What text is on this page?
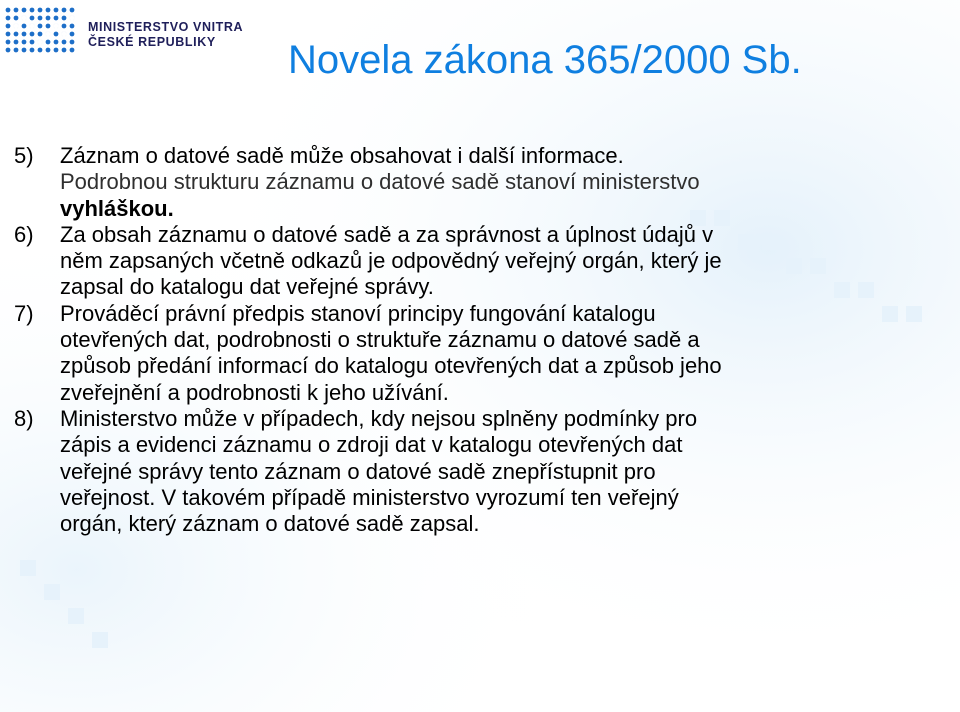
MINISTERSTVO VNITRA
ČESKÉ REPUBLIKY Novela zákona 365/2000 Sb.
5) Záznam o datové sadě může obsahovat i další informace.
Podrobnou strukturu záznamu o datové sadě stanoví ministerstvo
vyhláškou.
6) Za obsah záznamu o datové sadě a za správnost a úplnost údajů v
něm zapsaných včetně odkazů je odpovědný veřejný orgán, který je
zapsal do katalogu dat veřejné správy.
7) Prováděcí právní předpis stanoví principy fungování katalogu
otevřených dat, podrobnosti o struktuře záznamu o datové sadě a
způsob předání informací do katalogu otevřených dat a způsob jeho
zveřejnění a podrobnosti k jeho užívání.
8) Ministerstvo může v případech, kdy nejsou splněny podmínky pro
zápis a evidenci záznamu o zdroji dat v katalogu otevřených dat
veřejné správy tento záznam o datové sadě znepřístupnit pro
veřejnost. V takovém případě ministerstvo vyrozumí ten veřejný
orgán, který záznam o datové sadě zapsal.
